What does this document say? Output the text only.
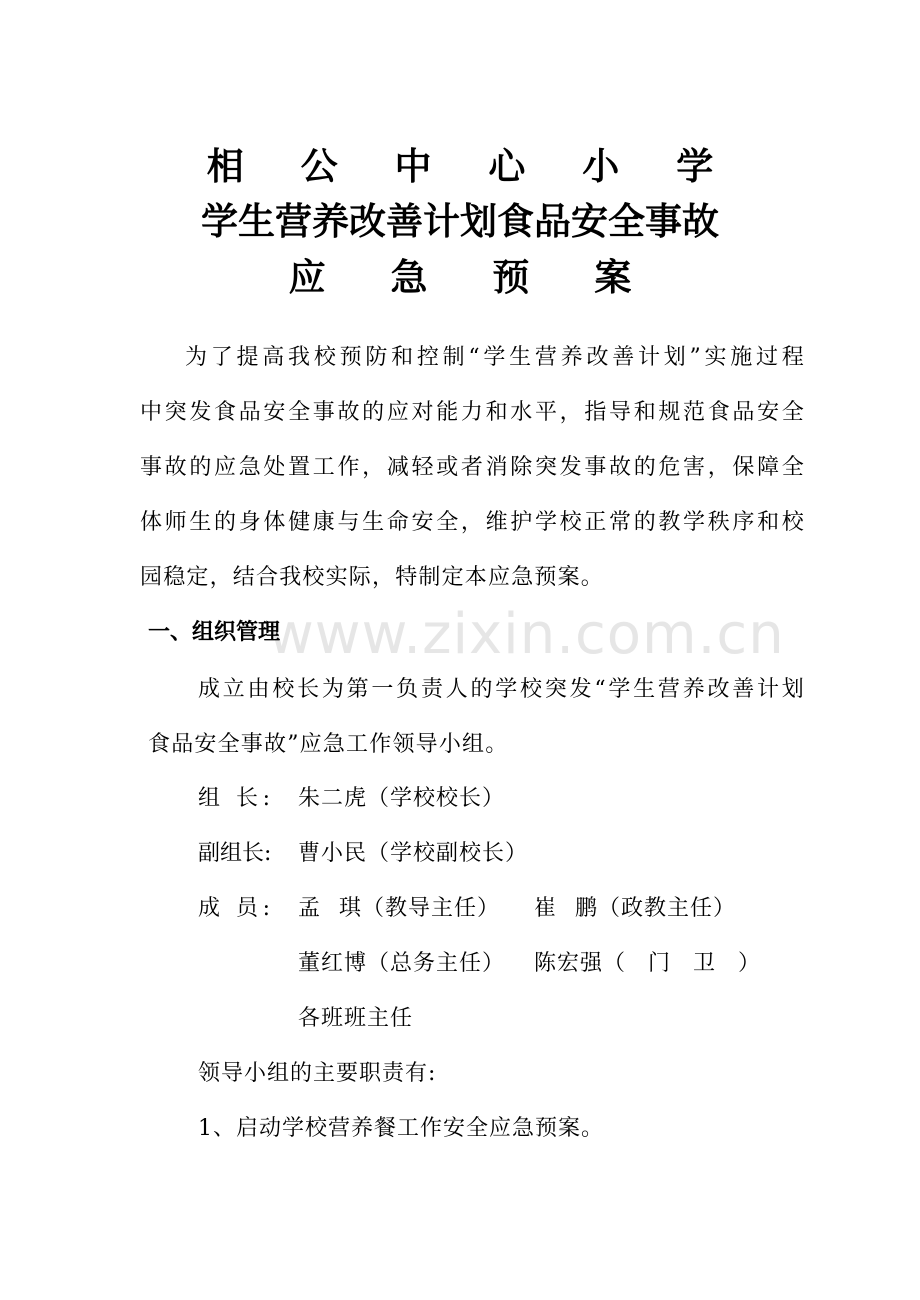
相 公 中 心 小 学
学生营养改善计划食品安全事故
应 急 预 案
为了提高我校预防和控制“学生营养改善计划”实施过程
中突发食品安全事故的应对能力和水平，指导和规范食品安全
事故的应急处置工作，减轻或者消除突发事故的危害，保障全
体师生的身体健康与生命安全，维护学校正常的教学秩序和校
园稳定，结合我校实际，特制定本应急预案。
www.zixin.com.cn
一、组织管理
成立由校长为第一负责人的学校突发“学生营养改善计划
食品安全事故”应急工作领导小组。
组 长: 朱二虎（学校校长）
副组长: 曹小民（学校副校长）
成 员: 孟 琪（教导主任） 崔 鹏（政教主任）
董红博（总务主任） 陈宏强（ 门 卫 ）
各班班主任
领导小组的主要职责有:
1、启动学校营养餐工作安全应急预案。
